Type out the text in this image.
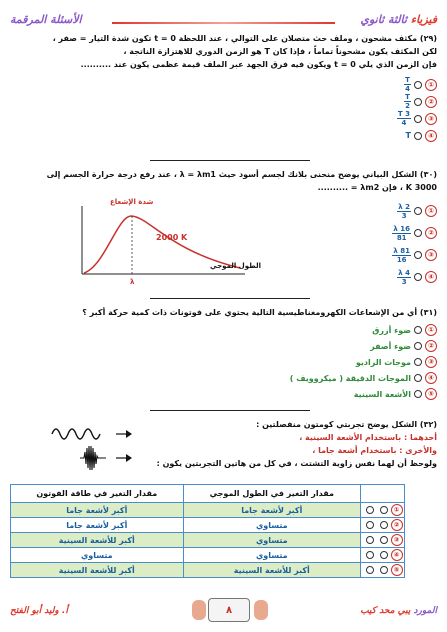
فيزياء ثالثة ثانوي
الأسئلة المرقمة
(٢٩) مكثف مشحون ، وملف حث متصلان على التوالي ، عند اللحظة 0 = t تكون شدة التيار = صفر ،
لكن المكثف يكون مشحوناً تماماً ، فإذا كان T هو الزمن الدوري للاهتزازة الناتجة ،
فإن الزمن الذي يلي 0 = t ويكون فيه فرق الجهد عبر الملف قيمة عظمى يكون عند ..........
①
$\frac{T}{4}$
②
$\frac{T}{2}$
③
$\frac{3 T}{4}$
④
T
(٣٠) الشكل البياني يوضح منحنى بلانك لجسم أسود حيث λ = λm1 ، عند رفع درجة حرارة الجسم إلى
3000 K ، فإن λm2 = ..........
شدة الإشعاع
2000 K
λ
الطول الموجي
①
$\frac{2 \lambda}{3}$
②
$\frac{16 \lambda}{81}$
③
$\frac{81 \lambda}{16}$
④
$\frac{4 \lambda}{3}$
(٣١) أي من الإشعاعات الكهرومغناطيسية التالية يحتوي على فوتونات ذات كمية حركة أكبر ؟
①
ضوء أزرق
②
ضوء أصفر
③
موجات الراديو
④
الموجات الدقيقة ( ميكروويف )
⑤
الأشعة السينية
(٣٢) الشكل يوضح تجربتي كومتون منفصلتين :
أحدهما : باستخدام الأشعة السينية ،
والأخرى : باستخدام أشعة جاما ،
ولوحظ أن لهما نفس زاوية التشتت ، في كل من هاتين التجربتين يكون :
	مقدار التغير في الطول الموجي	مقدار التغير في طاقة الفوتون

①	أكبر لأشعة جاما	أكبر لأشعة جاما

②	متساوي	أكبر لأشعة جاما

③	متساوي	أكبر للأشعة السينية

④	متساوي	متساوي

⑤	أكبر للأشعة السينية	أكبر للأشعة السينية
المورد يبي محد كيب
٨
أ. وليد أبو الفتح
